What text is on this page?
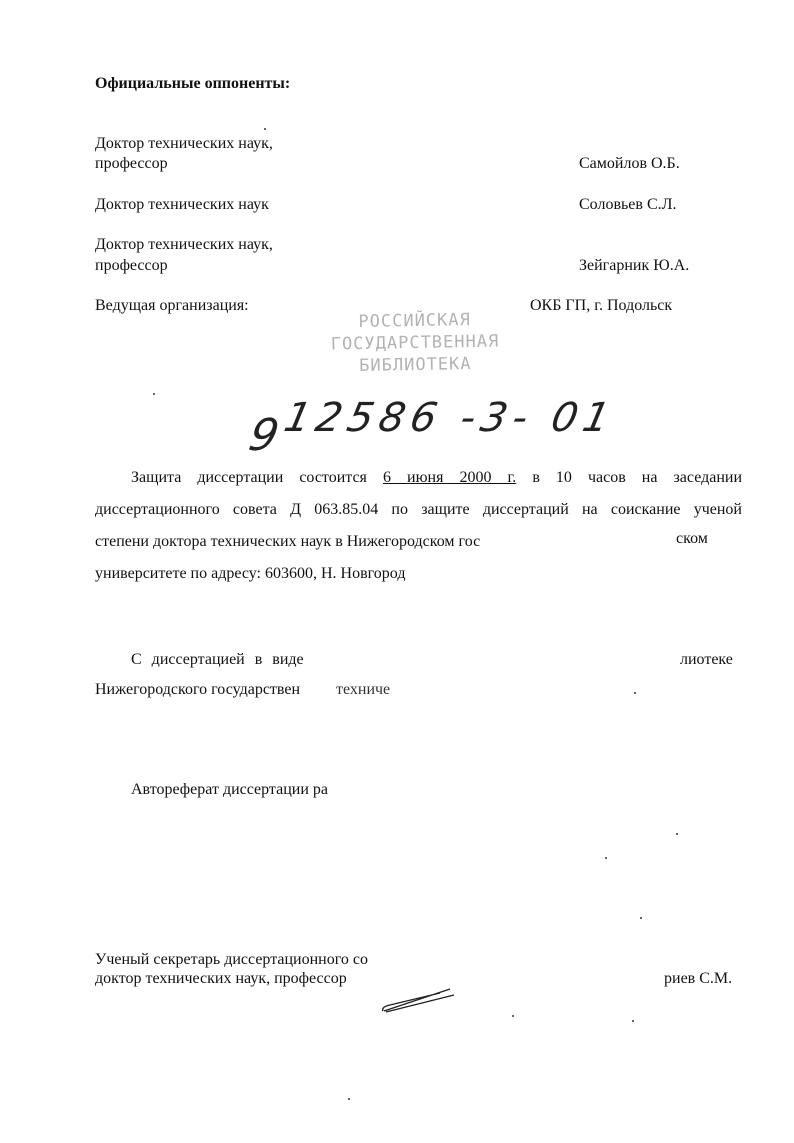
Официальные оппоненты:
Доктор технических наук,
профессор	Самойлов О.Б.
Доктор технических наук	Соловьев С.Л.
Доктор технических наук,
профессор	Зейгарник Ю.А.
Ведущая организация:	ОКБ ГП, г. Подольск
РОССИЙСКАЯ
ГОСУДАРСТВЕННАЯ
БИБЛИОТЕКА
9
12586 -3- 01
Защита диссертации состоится 6 июня 2000 г. в 10 часов на заседании
диссертационного совета Д 063.85.04 по защите диссертаций на соискание ученой
степени доктора технических наук в Нижегородском гос
университете по адресу: 603600, Н. Новгород
ском
С диссертацией в виде	лиотеке
Нижегородского государствен техниче
Автореферат диссертации ра
Ученый секретарь диссертационного со
доктор технических наук, профессор	риев С.М.
